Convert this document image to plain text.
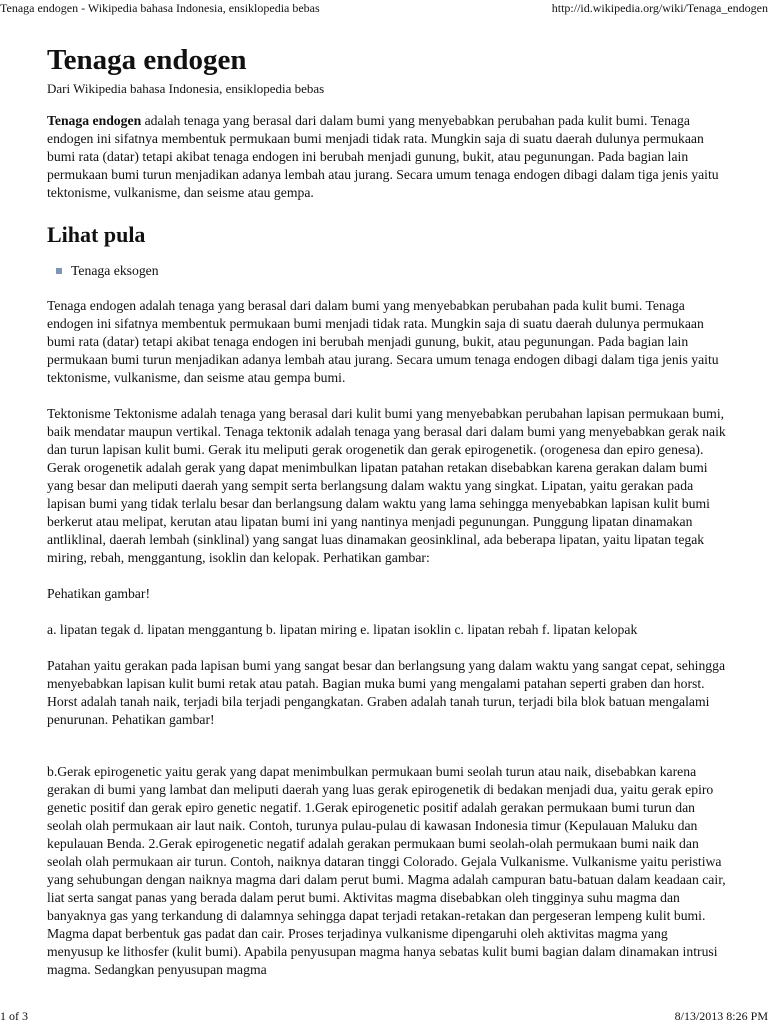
Tenaga endogen - Wikipedia bahasa Indonesia, ensiklopedia bebas	http://id.wikipedia.org/wiki/Tenaga_endogen
Tenaga endogen
Dari Wikipedia bahasa Indonesia, ensiklopedia bebas

Tenaga endogen adalah tenaga yang berasal dari dalam bumi yang menyebabkan perubahan pada kulit bumi. Tenaga endogen ini sifatnya membentuk permukaan bumi menjadi tidak rata. Mungkin saja di suatu daerah dulunya permukaan bumi rata (datar) tetapi akibat tenaga endogen ini berubah menjadi gunung, bukit, atau pegunungan. Pada bagian lain permukaan bumi turun menjadikan adanya lembah atau jurang. Secara umum tenaga endogen dibagi dalam tiga jenis yaitu tektonisme, vulkanisme, dan seisme atau gempa.

Lihat pula
Tenaga eksogen

Tenaga endogen adalah tenaga yang berasal dari dalam bumi yang menyebabkan perubahan pada kulit bumi. Tenaga endogen ini sifatnya membentuk permukaan bumi menjadi tidak rata. Mungkin saja di suatu daerah dulunya permukaan bumi rata (datar) tetapi akibat tenaga endogen ini berubah menjadi gunung, bukit, atau pegunungan. Pada bagian lain permukaan bumi turun menjadikan adanya lembah atau jurang. Secara umum tenaga endogen dibagi dalam tiga jenis yaitu tektonisme, vulkanisme, dan seisme atau gempa bumi.

Tektonisme Tektonisme adalah tenaga yang berasal dari kulit bumi yang menyebabkan perubahan lapisan permukaan bumi, baik mendatar maupun vertikal. Tenaga tektonik adalah tenaga yang berasal dari dalam bumi yang menyebabkan gerak naik dan turun lapisan kulit bumi. Gerak itu meliputi gerak orogenetik dan gerak epirogenetik. (orogenesa dan epiro genesa). Gerak orogenetik adalah gerak yang dapat menimbulkan lipatan patahan retakan disebabkan karena gerakan dalam bumi yang besar dan meliputi daerah yang sempit serta berlangsung dalam waktu yang singkat. Lipatan, yaitu gerakan pada lapisan bumi yang tidak terlalu besar dan berlangsung dalam waktu yang lama sehingga menyebabkan lapisan kulit bumi berkerut atau melipat, kerutan atau lipatan bumi ini yang nantinya menjadi pegunungan. Punggung lipatan dinamakan antliklinal, daerah lembah (sinklinal) yang sangat luas dinamakan geosinklinal, ada beberapa lipatan, yaitu lipatan tegak miring, rebah, menggantung, isoklin dan kelopak. Perhatikan gambar:

Pehatikan gambar!

a. lipatan tegak d. lipatan menggantung b. lipatan miring e. lipatan isoklin c. lipatan rebah f. lipatan kelopak

Patahan yaitu gerakan pada lapisan bumi yang sangat besar dan berlangsung yang dalam waktu yang sangat cepat, sehingga menyebabkan lapisan kulit bumi retak atau patah. Bagian muka bumi yang mengalami patahan seperti graben dan horst. Horst adalah tanah naik, terjadi bila terjadi pengangkatan. Graben adalah tanah turun, terjadi bila blok batuan mengalami penurunan. Pehatikan gambar!

b.Gerak epirogenetic yaitu gerak yang dapat menimbulkan permukaan bumi seolah turun atau naik, disebabkan karena gerakan di bumi yang lambat dan meliputi daerah yang luas gerak epirogenetik di bedakan menjadi dua, yaitu gerak epiro genetic positif dan gerak epiro genetic negatif. 1.Gerak epirogenetic positif adalah gerakan permukaan bumi turun dan seolah olah permukaan air laut naik. Contoh, turunya pulau-pulau di kawasan Indonesia timur (Kepulauan Maluku dan kepulauan Benda. 2.Gerak epirogenetic negatif adalah gerakan permukaan bumi seolah-olah permukaan bumi naik dan seolah olah permukaan air turun. Contoh, naiknya dataran tinggi Colorado. Gejala Vulkanisme. Vulkanisme yaitu peristiwa yang sehubungan dengan naiknya magma dari dalam perut bumi. Magma adalah campuran batu-batuan dalam keadaan cair, liat serta sangat panas yang berada dalam perut bumi. Aktivitas magma disebabkan oleh tingginya suhu magma dan banyaknya gas yang terkandung di dalamnya sehingga dapat terjadi retakan-retakan dan pergeseran lempeng kulit bumi. Magma dapat berbentuk gas padat dan cair. Proses terjadinya vulkanisme dipengaruhi oleh aktivitas magma yang menyusup ke lithosfer (kulit bumi). Apabila penyusupan magma hanya sebatas kulit bumi bagian dalam dinamakan intrusi magma. Sedangkan penyusupan magma

1 of 3	8/13/2013 8:26 PM
